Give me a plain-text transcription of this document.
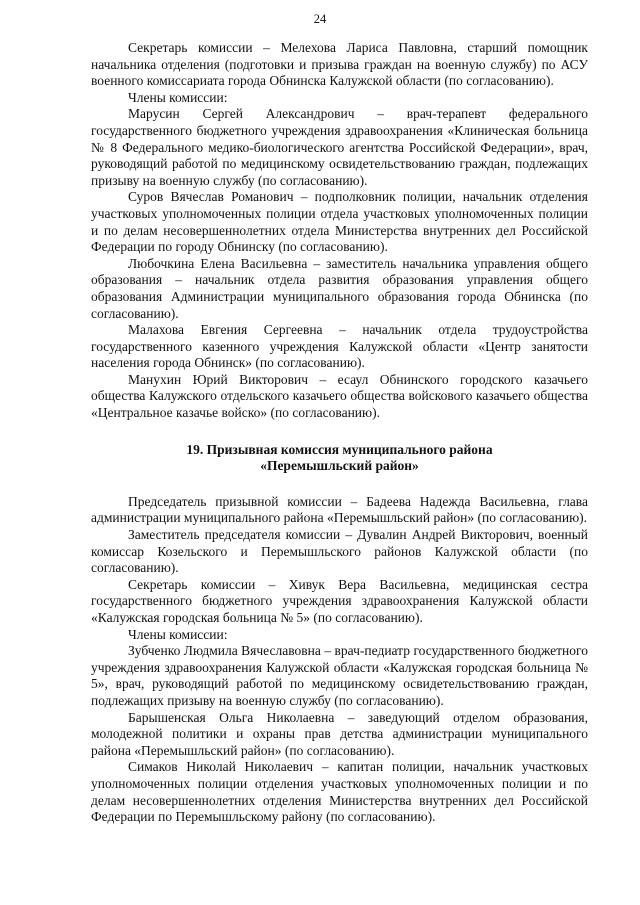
24

Секретарь комиссии – Мелехова Лариса Павловна, старший помощник начальника отделения (подготовки и призыва граждан на военную службу) по АСУ военного комиссариата города Обнинска Калужской области (по согласованию).

Члены комиссии:

Марусин Сергей Александрович – врач-терапевт федерального государственного бюджетного учреждения здравоохранения «Клиническая больница № 8 Федерального медико-биологического агентства Российской Федерации», врач, руководящий работой по медицинскому освидетельствованию граждан, подлежащих призыву на военную службу (по согласованию).

Суров Вячеслав Романович – подполковник полиции, начальник отделения участковых уполномоченных полиции отдела участковых уполномоченных полиции и по делам несовершеннолетних отдела Министерства внутренних дел Российской Федерации по городу Обнинску (по согласованию).

Любочкина Елена Васильевна – заместитель начальника управления общего образования – начальник отдела развития образования управления общего образования Администрации муниципального образования города Обнинска (по согласованию).

Малахова Евгения Сергеевна – начальник отдела трудоустройства государственного казенного учреждения Калужской области «Центр занятости населения города Обнинск» (по согласованию).

Манухин Юрий Викторович – есаул Обнинского городского казачьего общества Калужского отдельского казачьего общества войскового казачьего общества «Центральное казачье войско» (по согласованию).

19. Призывная комиссия муниципального района
«Перемышльский район»

Председатель призывной комиссии – Бадеева Надежда Васильевна, глава администрации муниципального района «Перемышльский район» (по согласованию).

Заместитель председателя комиссии – Дувалин Андрей Викторович, военный комиссар Козельского и Перемышльского районов Калужской области (по согласованию).

Секретарь комиссии – Хивук Вера Васильевна, медицинская сестра государственного бюджетного учреждения здравоохранения Калужской области «Калужская городская больница № 5» (по согласованию).

Члены комиссии:

Зубченко Людмила Вячеславовна – врач-педиатр государственного бюджетного учреждения здравоохранения Калужской области «Калужская городская больница № 5», врач, руководящий работой по медицинскому освидетельствованию граждан, подлежащих призыву на военную службу (по согласованию).

Барышенская Ольга Николаевна – заведующий отделом образования, молодежной политики и охраны прав детства администрации муниципального района «Перемышльский район» (по согласованию).

Симаков Николай Николаевич – капитан полиции, начальник участковых уполномоченных полиции отделения участковых уполномоченных полиции и по делам несовершеннолетних отделения Министерства внутренних дел Российской Федерации по Перемышльскому району (по согласованию).
